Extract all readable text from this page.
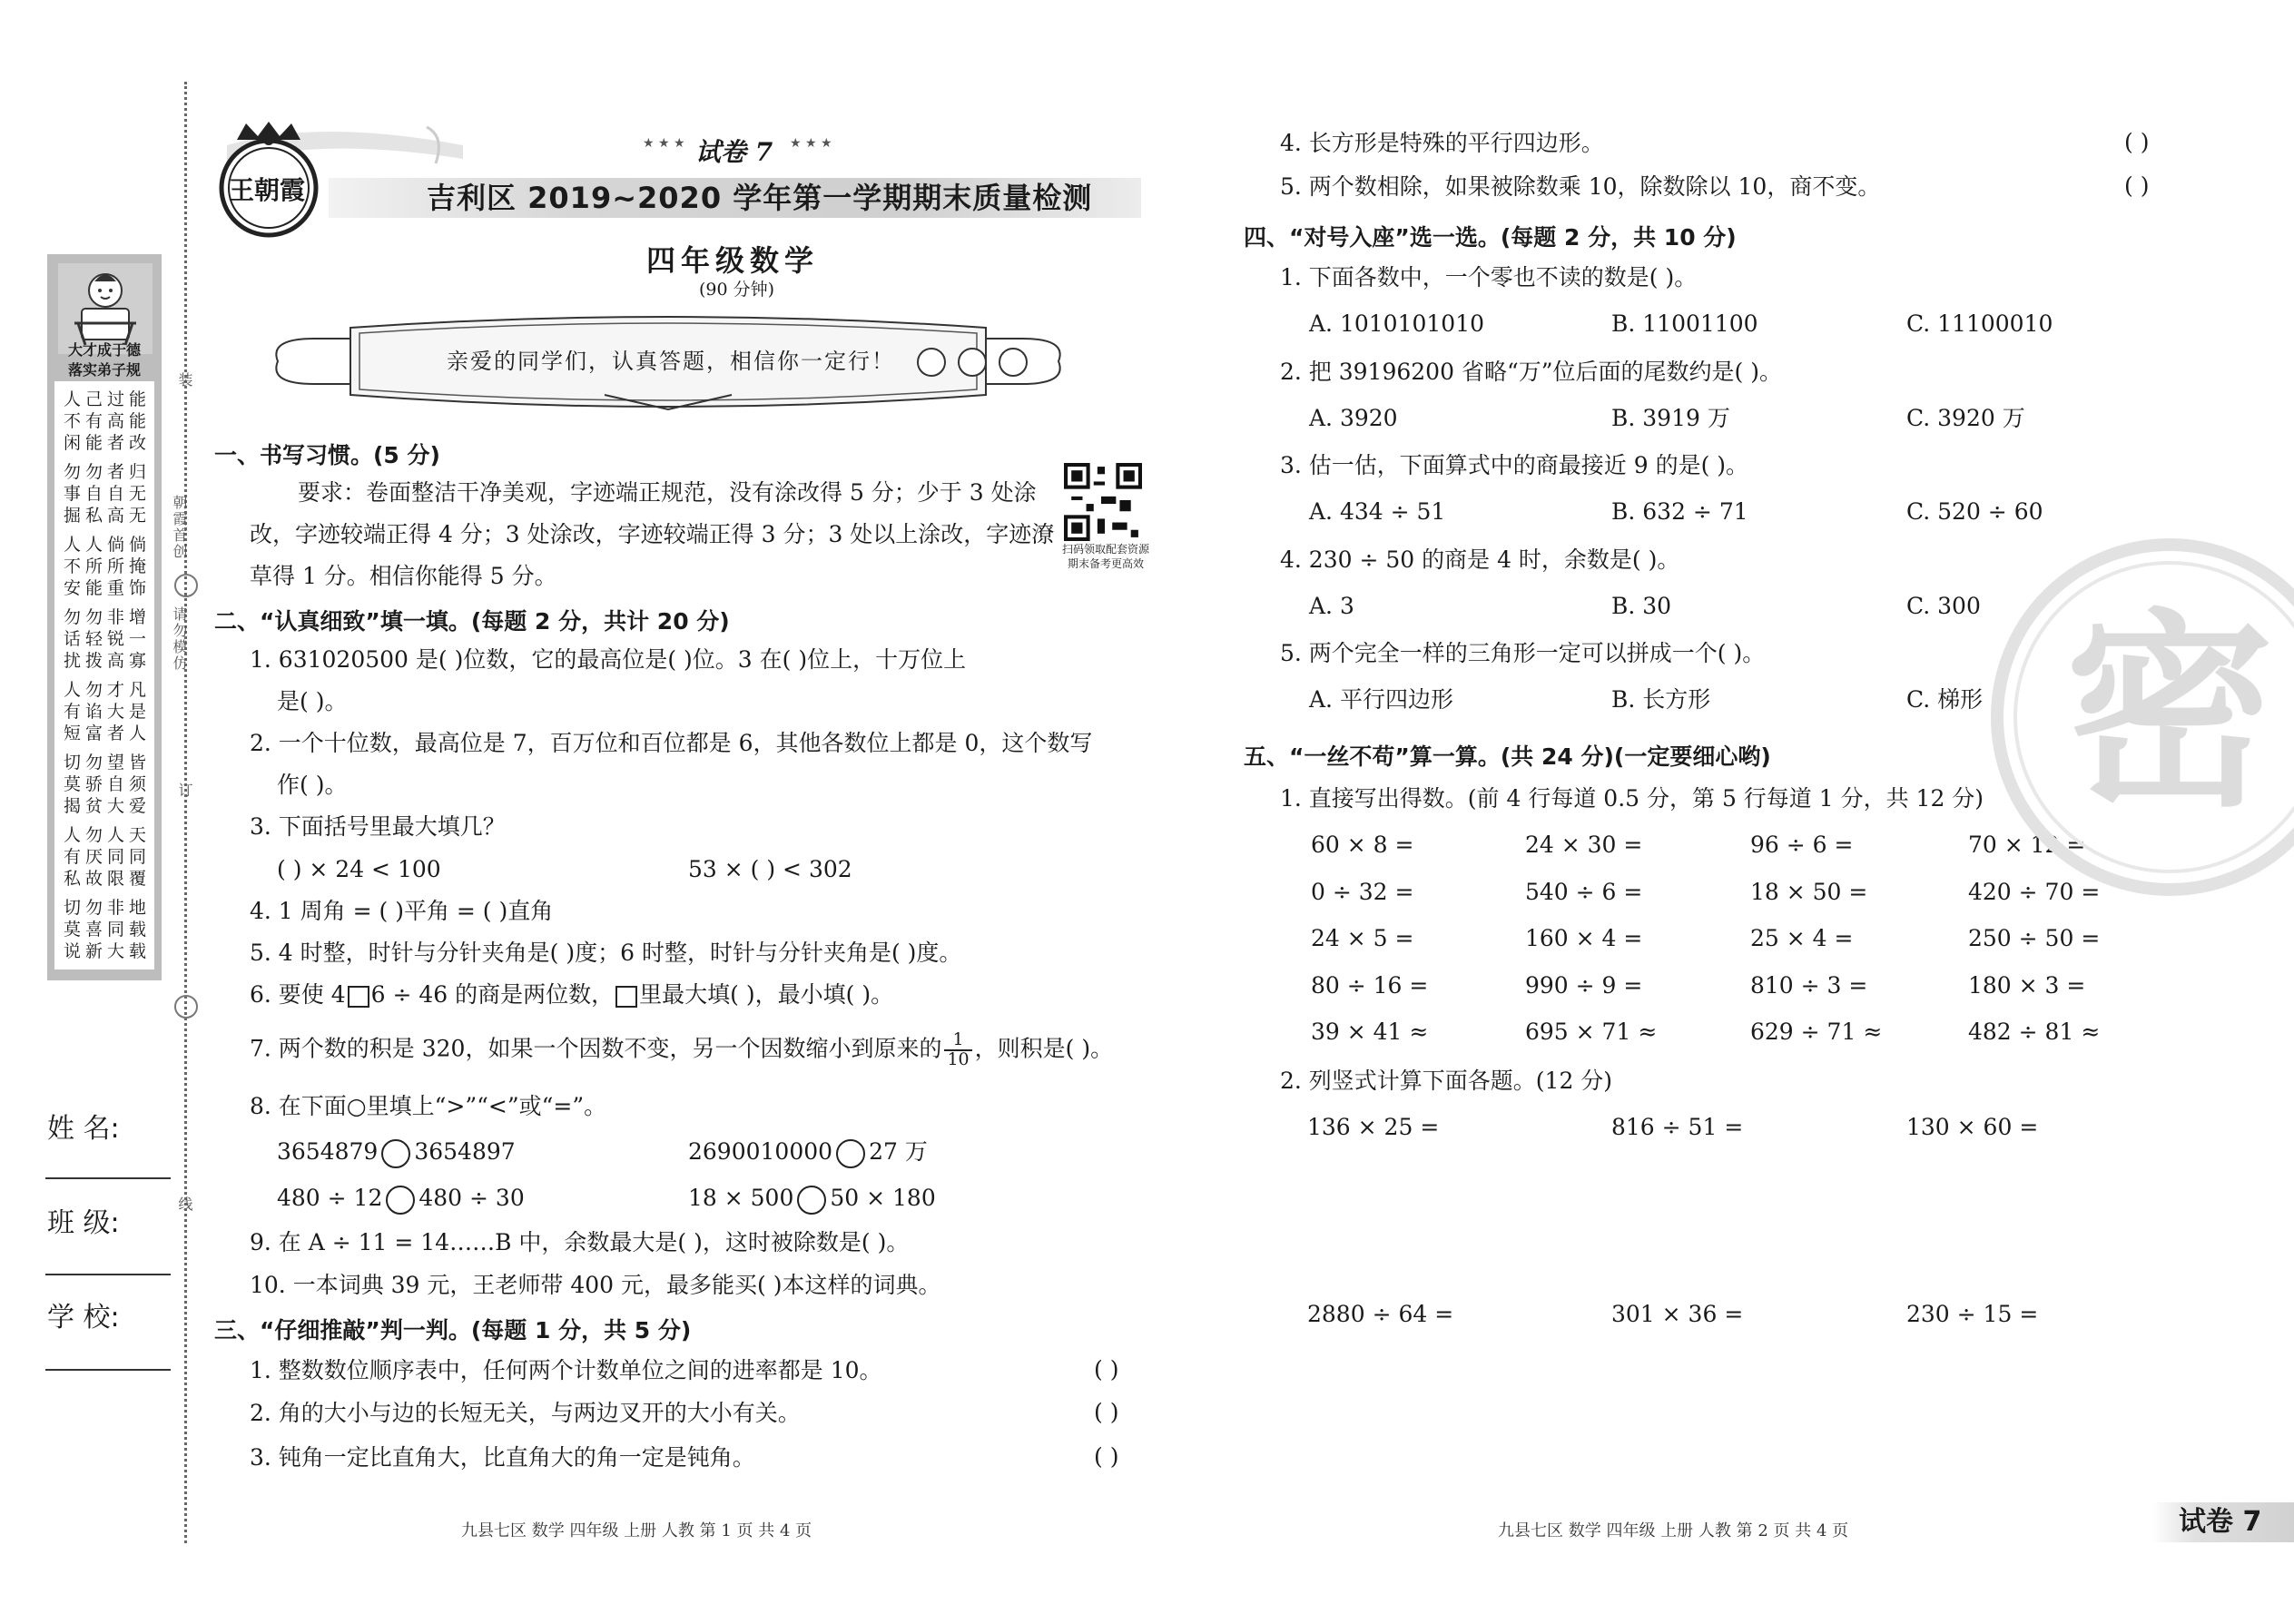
大才成于德
落实弟子规
人己过能
不有高能
闲能者改
勿勿者归
事自自无
掘私高无
人人倘倘
不所所掩
安能重饰
勿勿非增
话轻锐一
扰拨高寡
人勿才凡
有谄大是
短富者人
切勿望皆
莫骄自须
揭贫大爱
人勿人天
有厌同同
私故限覆
切勿非地
莫喜同载
说新大载
装
朝霞首创
请勿模仿
订
线
姓 名:
班 级:
学 校:
王朝霞
★ ★ ★ 试卷 7 ★ ★ ★
吉利区 2019~2020 学年第一学期期末质量检测
四年级数学
(90 分钟)
亲爱的同学们，认真答题，相信你一定行！
扫码领取配套资源
期末备考更高效
一、书写习惯。(5 分)
要求：卷面整洁干净美观，字迹端正规范，没有涂改得 5 分；少于 3 处涂
改，字迹较端正得 4 分；3 处涂改，字迹较端正得 3 分；3 处以上涂改，字迹潦
草得 1 分。相信你能得 5 分。
二、“认真细致”填一填。(每题 2 分，共计 20 分)
1. 631020500 是( )位数，它的最高位是( )位。3 在( )位上，十万位上
是( )。
2. 一个十位数，最高位是 7，百万位和百位都是 6，其他各数位上都是 0，这个数写
作( )。
3. 下面括号里最大填几？
( ) × 24 < 100	53 × ( ) < 302
4. 1 周角 = ( )平角 = ( )直角
5. 4 时整，时针与分针夹角是( )度；6 时整，时针与分针夹角是( )度。
6. 要使 4 6 ÷ 46 的商是两位数， 里最大填( )，最小填( )。
7. 两个数的积是 320，如果一个因数不变，另一个因数缩小到原来的 $\frac{1}{10}$ ，则积是( )。
8. 在下面○里填上“>”“<”或“=”。
3654879 3654897	2690010000 27 万
480 ÷ 12 480 ÷ 30	18 × 500 50 × 180
9. 在 A ÷ 11 = 14……B 中，余数最大是( )，这时被除数是( )。
10. 一本词典 39 元，王老师带 400 元，最多能买( )本这样的词典。
三、“仔细推敲”判一判。(每题 1 分，共 5 分)
1. 整数数位顺序表中，任何两个计数单位之间的进率都是 10。	( )
2. 角的大小与边的长短无关，与两边叉开的大小有关。	( )
3. 钝角一定比直角大，比直角大的角一定是钝角。	( )
九县七区 数学 四年级 上册 人教 第 1 页 共 4 页
4. 长方形是特殊的平行四边形。	( )
5. 两个数相除，如果被除数乘 10，除数除以 10，商不变。	( )
四、“对号入座”选一选。(每题 2 分，共 10 分)
1. 下面各数中，一个零也不读的数是( )。
A. 1010101010	B. 11001100	C. 11100010
2. 把 39196200 省略“万”位后面的尾数约是( )。
A. 3920	B. 3919 万	C. 3920 万
3. 估一估，下面算式中的商最接近 9 的是( )。
A. 434 ÷ 51	B. 632 ÷ 71	C. 520 ÷ 60
4. 230 ÷ 50 的商是 4 时，余数是( )。
A. 3	B. 30	C. 300
5. 两个完全一样的三角形一定可以拼成一个( )。
A. 平行四边形	B. 长方形	C. 梯形
五、“一丝不苟”算一算。(共 24 分)(一定要细心哟)
1. 直接写出得数。(前 4 行每道 0.5 分，第 5 行每道 1 分，共 12 分)
60 × 8 =	24 × 30 =	96 ÷ 6 =	70 × 12 =
0 ÷ 32 =	540 ÷ 6 =	18 × 50 =	420 ÷ 70 =
24 × 5 =	160 × 4 =	25 × 4 =	250 ÷ 50 =
80 ÷ 16 =	990 ÷ 9 =	810 ÷ 3 =	180 × 3 =
39 × 41 ≈	695 × 71 ≈	629 ÷ 71 ≈	482 ÷ 81 ≈
2. 列竖式计算下面各题。(12 分)
136 × 25 =	816 ÷ 51 =	130 × 60 =
2880 ÷ 64 =	301 × 36 =	230 ÷ 15 =
密
九县七区 数学 四年级 上册 人教 第 2 页 共 4 页	试卷 7
